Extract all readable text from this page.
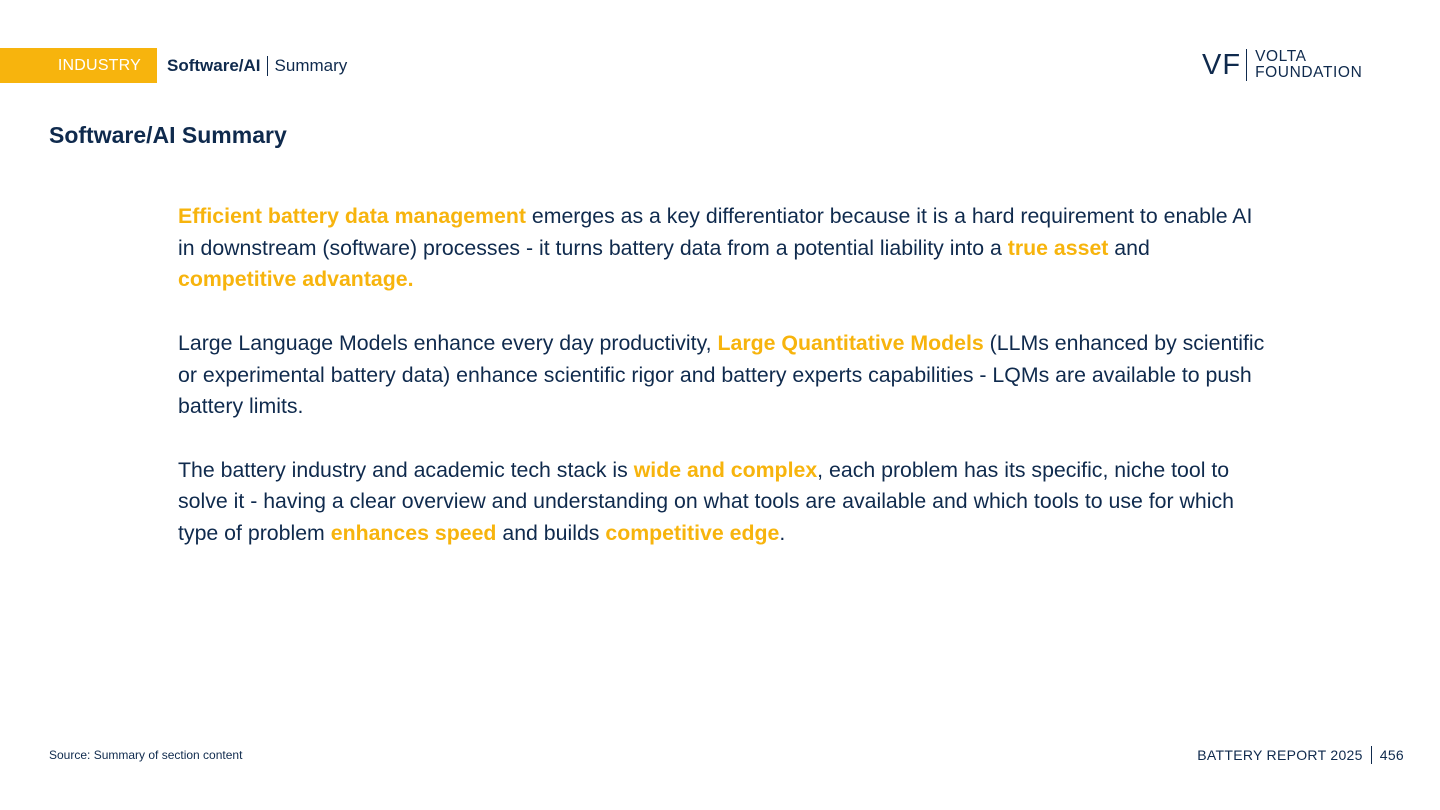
INDUSTRY Software/AI Summary	VF VOLTA
FOUNDATION
Software/AI Summary

Efficient battery data management emerges as a key differentiator because it is a hard requirement to enable AI in downstream (software) processes - it turns battery data from a potential liability into a true asset and competitive advantage.

Large Language Models enhance every day productivity, Large Quantitative Models (LLMs enhanced by scientific or experimental battery data) enhance scientific rigor and battery experts capabilities - LQMs are available to push battery limits.

The battery industry and academic tech stack is wide and complex, each problem has its specific, niche tool to solve it - having a clear overview and understanding on what tools are available and which tools to use for which type of problem enhances speed and builds competitive edge.

Source: Summary of section content	BATTERY REPORT 2025 456
